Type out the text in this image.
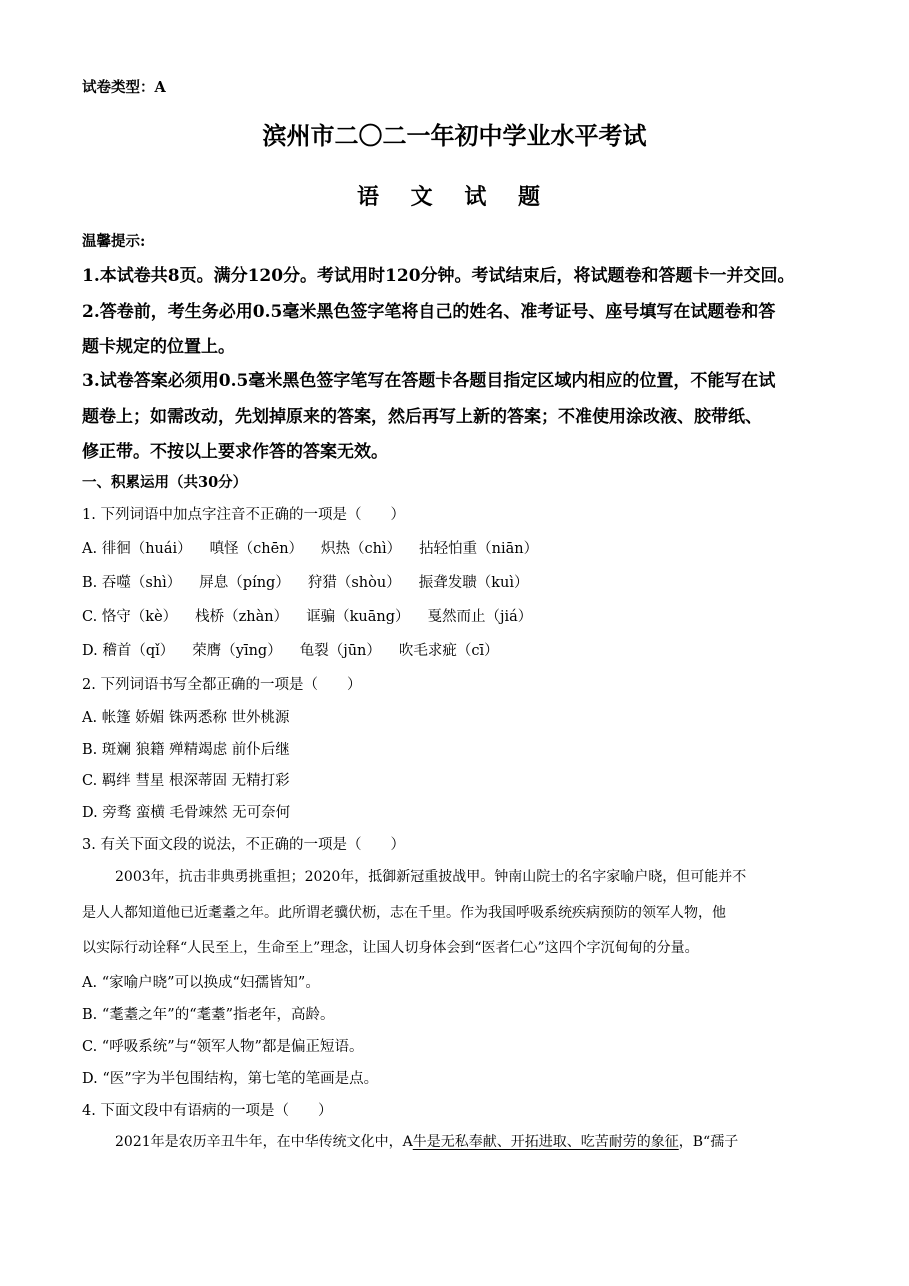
试卷类型：A
滨州市二〇二一年初中学业水平考试
语 文 试 题
温馨提示:
1.本试卷共8页。满分120分。考试用时120分钟。考试结束后，将试题卷和答题卡一并交回。
2.答卷前，考生务必用0.5毫米黑色签字笔将自己的姓名、准考证号、座号填写在试题卷和答
题卡规定的位置上。
3.试卷答案必须用0.5毫米黑色签字笔写在答题卡各题目指定区域内相应的位置，不能写在试
题卷上；如需改动，先划掉原来的答案，然后再写上新的答案；不准使用涂改液、胶带纸、
修正带。不按以上要求作答的答案无效。
一、积累运用（共30分）
1. 下列词语中加点字注音不正确的一项是（　　）
A. 徘徊（huái） 嗔怪（chēn） 炽热（chì） 拈轻怕重（niān）
B. 吞噬（shì） 屏息（píng） 狩猎（shòu） 振聋发聩（kuì）
C. 恪守（kè） 栈桥（zhàn） 诓骗（kuāng） 戛然而止（jiá）
D. 稽首（qǐ） 荣膺（yīng） 龟裂（jūn） 吹毛求疵（cī）
2. 下列词语书写全都正确的一项是（　　）
A. 帐篷 娇媚 铢两悉称 世外桃源
B. 斑斓 狼籍 殚精竭虑 前仆后继
C. 羁绊 彗星 根深蒂固 无精打彩
D. 旁骛 蛮横 毛骨竦然 无可奈何
3. 有关下面文段的说法，不正确的一项是（　　）
2003年，抗击非典勇挑重担；2020年，抵御新冠重披战甲。钟南山院士的名字家喻户晓，但可能并不
是人人都知道他已近耄耋之年。此所谓老骥伏枥，志在千里。作为我国呼吸系统疾病预防的领军人物，他
以实际行动诠释“人民至上，生命至上”理念，让国人切身体会到“医者仁心”这四个字沉甸甸的分量。
A. “家喻户晓”可以换成“妇孺皆知”。
B. “耄耋之年”的“耄耋”指老年，高龄。
C. “呼吸系统”与“领军人物”都是偏正短语。
D. “医”字为半包围结构，第七笔的笔画是点。
4. 下面文段中有语病的一项是（　　）
2021年是农历辛丑牛年，在中华传统文化中，A牛是无私奉献、开拓进取、吃苦耐劳的象征，B“孺子
